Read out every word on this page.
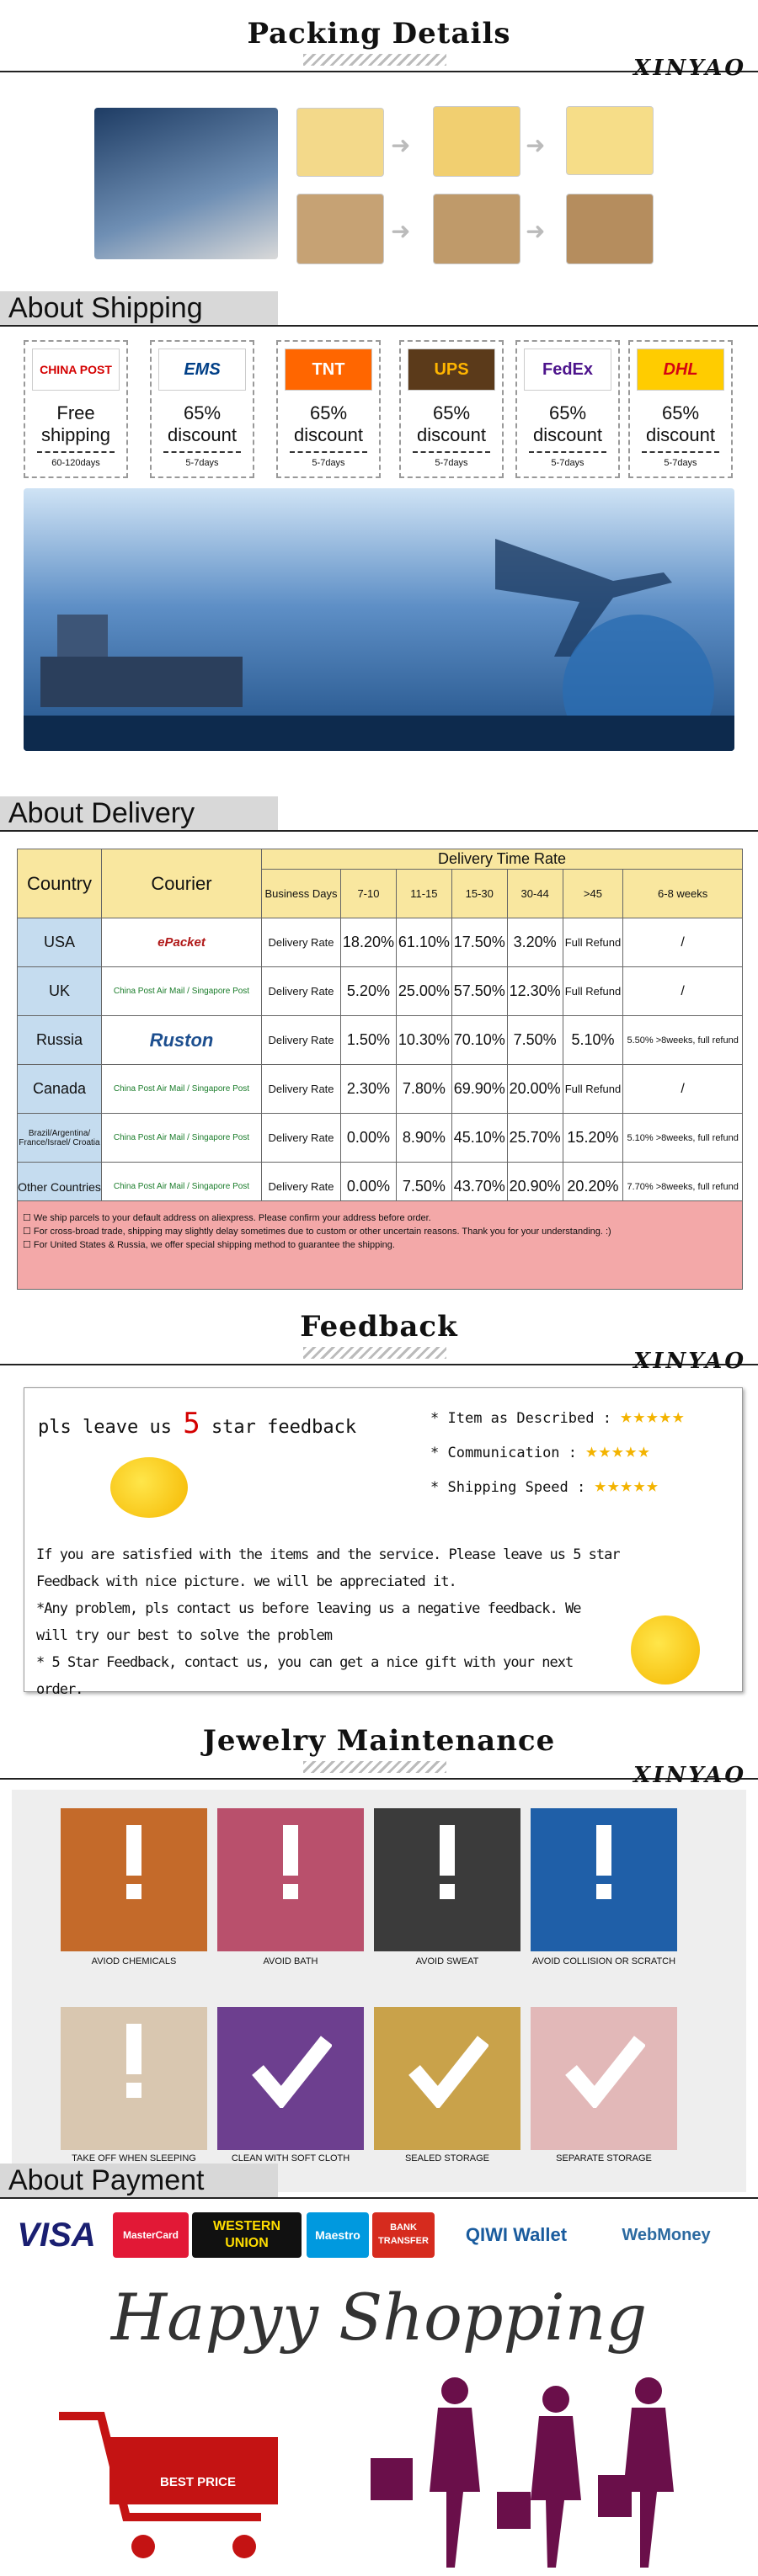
Packing Details
XINYAO
➜	➜
➜	➜
About Shipping
CHINA POST
Free
shipping
60-120days
EMS
65%
discount
5-7days
TNT
65%
discount
5-7days
UPS
65%
discount
5-7days
FedEx
65%
discount
5-7days
DHL
65%
discount
5-7days
About Delivery
Country	Courier	Delivery Time Rate						
		Business Days	7-10	11-15	15-30	30-44	>45	6-8 weeks
USA	ePacket	Delivery Rate	18.20%	61.10%	17.50%	3.20%	Full Refund	/
UK	China Post Air Mail / Singapore Post	Delivery Rate	5.20%	25.00%	57.50%	12.30%	Full Refund	/
Russia	Ruston	Delivery Rate	1.50%	10.30%	70.10%	7.50%	5.10%	5.50% >8weeks, full refund
Canada	China Post Air Mail / Singapore Post	Delivery Rate	2.30%	7.80%	69.90%	20.00%	Full Refund	/
Brazil/Argentina/ France/Israel/ Croatia	China Post Air Mail / Singapore Post	Delivery Rate	0.00%	8.90%	45.10%	25.70%	15.20%	5.10% >8weeks, full refund
Other Countries	China Post Air Mail / Singapore Post	Delivery Rate	0.00%	7.50%	43.70%	20.90%	20.20%	7.70% >8weeks, full refund
☐ We ship parcels to your default address on aliexpress. Please confirm your address before order.
☐ For cross-broad trade, shipping may slightly delay sometimes due to custom or other uncertain reasons. Thank you for your understanding. :)
☐ For United States & Russia, we offer special shipping method to guarantee the shipping.
Feedback
XINYAO
pls leave us 5 star feedback	* Item as Described : ★★★★★
* Communication : ★★★★★
* Shipping Speed : ★★★★★
If you are satisfied with the items and the service. Please leave us 5 star Feedback with nice picture. we will be appreciated it.
*Any problem, pls contact us before leaving us a negative feedback. We
will try our best to solve the problem
* 5 Star Feedback, contact us, you can get a nice gift with your next order.
Jewelry Maintenance
XINYAO
AVIOD CHEMICALS	AVOID BATH	AVOID SWEAT	AVOID COLLISION OR SCRATCH
TAKE OFF WHEN SLEEPING	CLEAN WITH SOFT CLOTH	SEALED STORAGE	SEPARATE STORAGE
About Payment
VISA	MasterCard
WESTERN UNION
Maestro
BANK TRANSFER	QIWI Wallet	WebMoney
Hapyy Shopping
BEST PRICE
